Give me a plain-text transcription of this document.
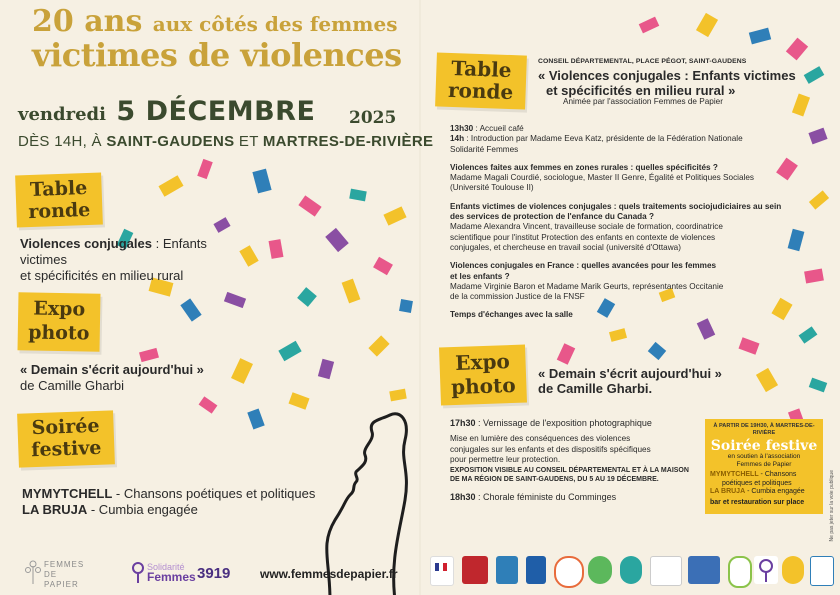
20 ans aux côtés des femmes
victimes de violences
vendredi 5 DÉCEMBRE 2025
DÈS 14H, À SAINT-GAUDENS ET MARTRES-DE-RIVIÈRE
Table
ronde
Violences conjugales : Enfants victimes
et spécificités en milieu rural
Expo
photo
« Demain s'écrit aujourd'hui »
de Camille Gharbi
Soirée
festive
MYMYTCHELL - Chansons poétiques et politiques
LA BRUJA - Cumbia engagée
FEMMES
DE PAPIER
Solidarité
Femmes 3919 www.femmesdepapier.fr
Table
ronde
CONSEIL DÉPARTEMENTAL, PLACE PÉGOT, SAINT-GAUDENS
« Violences conjugales : Enfants victimes
et spécificités en milieu rural »
Animée par l'association Femmes de Papier
13h30 : Accueil café
14h : Introduction par Madame Eeva Katz, présidente de la Fédération Nationale
Solidarité Femmes
Violences faites aux femmes en zones rurales : quelles spécificités ?
Madame Magali Courdié, sociologue, Master II Genre, Égalité et Politiques Sociales
(Université Toulouse II)
Enfants victimes de violences conjugales : quels traitements sociojudiciaires au sein
des services de protection de l'enfance du Canada ?
Madame Alexandra Vincent, travailleuse sociale de formation, coordinatrice
scientifique pour l'institut Protection des enfants en contexte de violences
conjugales, et chercheuse en travail social (université d'Ottawa)
Violences conjugales en France : quelles avancées pour les femmes
et les enfants ?
Madame Virginie Baron et Madame Marik Geurts, représentantes Occitanie
de la commission Justice de la FNSF
Temps d'échanges avec la salle
Expo
photo	« Demain s'écrit aujourd'hui »
de Camille Gharbi.
17h30 : Vernissage de l'exposition photographique
Mise en lumière des conséquences des violences
conjugales sur les enfants et des dispositifs spécifiques
pour permettre leur protection.
EXPOSITION VISIBLE AU CONSEIL DÉPARTEMENTAL ET À LA MAISON
DE MA RÉGION DE SAINT-GAUDENS, DU 5 AU 19 DÉCEMBRE.
18h30 : Chorale féministe du Comminges
À PARTIR DE 19H30, À MARTRES-DE-RIVIÈRE
Soirée festive
en soutien à l'association
Femmes de Papier
MYMYTCHELL - Chansons
poétiques et politiques
LA BRUJA - Cumbia engagée
bar et restauration sur place	Ne pas jeter sur la voie publique
